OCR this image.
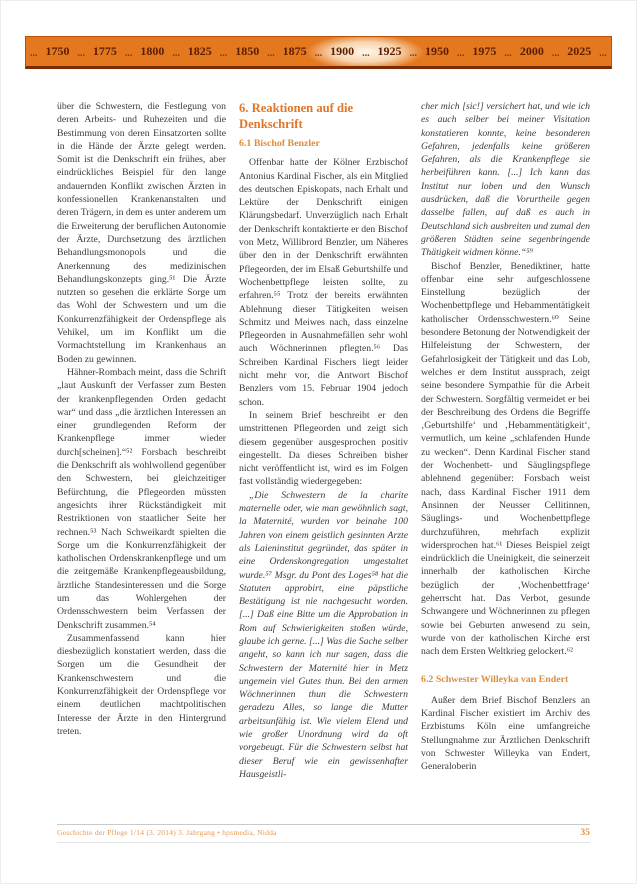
... 1750 ... 1775 ... 1800 ... 1825 ... 1850 ... 1875 ... 1900 ... 1925 ... 1950 ... 1975 ... 2000 ... 2025 ...

über die Schwestern, die Festlegung von deren Arbeits- und Ruhezeiten und die Bestimmung von deren Einsatzorten sollte in die Hände der Ärzte gelegt werden. Somit ist die Denkschrift ein frühes, aber eindrückliches Beispiel für den lange andauernden Konflikt zwischen Ärzten in konfessionellen Krankenanstalten und deren Trägern, in dem es unter anderem um die Erweiterung der beruflichen Autonomie der Ärzte, Durchsetzung des ärztlichen Behandlungsmonopols und die Anerkennung des medizinischen Behandlungskonzepts ging.⁵¹ Die Ärzte nutzten so gesehen die erklärte Sorge um das Wohl der Schwestern und um die Konkurrenzfähigkeit der Ordenspflege als Vehikel, um im Konflikt um die Vormachtstellung im Krankenhaus an Boden zu gewinnen.

Hähner-Rombach meint, dass die Schrift „laut Auskunft der Verfasser zum Besten der krankenpflegenden Orden gedacht war“ und dass „die ärztlichen Interessen an einer grundlegenden Reform der Krankenpflege immer wieder durch[scheinen].“⁵² Forsbach beschreibt die Denkschrift als wohlwollend gegenüber den Schwestern, bei gleichzeitiger Befürchtung, die Pflegeorden müssten angesichts ihrer Rückständigkeit mit Restriktionen von staatlicher Seite her rechnen.⁵³ Nach Schweikardt spielten die Sorge um die Konkurrenzfähigkeit der katholischen Ordenskrankenpflege und um die zeitgemäße Krankenpflegeausbildung, ärztliche Standesinteressen und die Sorge um das Wohlergehen der Ordensschwestern beim Verfassen der Denkschrift zusammen.⁵⁴

Zusammenfassend kann hier diesbezüglich konstatiert werden, dass die Sorgen um die Gesundheit der Krankenschwestern und die Konkurrenzfähigkeit der Ordenspflege vor einem deutlichen machtpolitischen Interesse der Ärzte in den Hintergrund treten.

6. Reaktionen auf die Denkschrift
6.1 Bischof Benzler

Offenbar hatte der Kölner Erzbischof Antonius Kardinal Fischer, als ein Mitglied des deutschen Episkopats, nach Erhalt und Lektüre der Denkschrift einigen Klärungsbedarf. Unverzüglich nach Erhalt der Denkschrift kontaktierte er den Bischof von Metz, Willibrord Benzler, um Näheres über den in der Denkschrift erwähnten Pflegeorden, der im Elsaß Geburtshilfe und Wochenbettpflege leisten sollte, zu erfahren.⁵⁵ Trotz der bereits erwähnten Ablehnung dieser Tätigkeiten weisen Schmitz und Meiwes nach, dass einzelne Pflegeorden in Ausnahmefällen sehr wohl auch Wöchnerinnen pflegten.⁵⁶ Das Schreiben Kardinal Fischers liegt leider nicht mehr vor, die Antwort Bischof Benzlers vom 15. Februar 1904 jedoch schon.

In seinem Brief beschreibt er den umstrittenen Pflegeorden und zeigt sich diesem gegenüber ausgesprochen positiv eingestellt. Da dieses Schreiben bisher nicht veröffentlicht ist, wird es im Folgen fast vollständig wiedergegeben:

„Die Schwestern de la charite maternelle oder, wie man gewöhnlich sagt, la Maternité, wurden vor beinahe 100 Jahren von einem geistlich gesinnten Arzte als Laieninstitut gegründet, das später in eine Ordenskongregation umgestaltet wurde.⁵⁷ Msgr. du Pont des Loges⁵⁸ hat die Statuten approbirt, eine päpstliche Bestätigung ist nie nachgesucht worden. [...] Daß eine Bitte um die Approbation in Rom auf Schwierigkeiten stoßen würde, glaube ich gerne. [...] Was die Sache selber angeht, so kann ich nur sagen, dass die Schwestern der Maternité hier in Metz ungemein viel Gutes thun. Bei den armen Wöchnerinnen thun die Schwestern geradezu Alles, so lange die Mutter arbeitsunfähig ist. Wie vielem Elend und wie großer Unordnung wird da oft vorgebeugt. Für die Schwestern selbst hat dieser Beruf wie ein gewissenhafter Hausgeistli-

cher mich [sic!] versichert hat, und wie ich es auch selber bei meiner Visitation konstatieren konnte, keine besonderen Gefahren, jedenfalls keine größeren Gefahren, als die Krankenpflege sie herbeiführen kann. [...] Ich kann das Institut nur loben und den Wunsch ausdrücken, daß die Vorurtheile gegen dasselbe fallen, auf daß es auch in Deutschland sich ausbreiten und zumal den größeren Städten seine segenbringende Thätigkeit widmen könne.“⁵⁹

Bischof Benzler, Benediktiner, hatte offenbar eine sehr aufgeschlossene Einstellung bezüglich der Wochenbettpflege und Hebammentätigkeit katholischer Ordensschwestern.⁶⁰ Seine besondere Betonung der Notwendigkeit der Hilfeleistung der Schwestern, der Gefahrlosigkeit der Tätigkeit und das Lob, welches er dem Institut aussprach, zeigt seine besondere Sympathie für die Arbeit der Schwestern. Sorgfältig vermeidet er bei der Beschreibung des Ordens die Begriffe ‚Geburtshilfe‘ und ‚Hebammentätigkeit‘, vermutlich, um keine „schlafenden Hunde zu wecken“. Denn Kardinal Fischer stand der Wochenbett- und Säuglingspflege ablehnend gegenüber: Forsbach weist nach, dass Kardinal Fischer 1911 dem Ansinnen der Neusser Cellitinnen, Säuglings- und Wochenbettpflege durchzuführen, mehrfach explizit widersprochen hat.⁶¹ Dieses Beispiel zeigt eindrücklich die Uneinigkeit, die seinerzeit innerhalb der katholischen Kirche bezüglich der ‚Wochenbettfrage‘ geherrscht hat. Das Verbot, gesunde Schwangere und Wöchnerinnen zu pflegen sowie bei Geburten anwesend zu sein, wurde von der katholischen Kirche erst nach dem Ersten Weltkrieg gelockert.⁶²

6.2 Schwester Willeyka van Endert

Außer dem Brief Bischof Benzlers an Kardinal Fischer existiert im Archiv des Erzbistums Köln eine umfangreiche Stellungnahme zur Ärztlichen Denkschrift von Schwester Willeyka van Endert, Generaloberin

Geschichte der Pflege 1/14 (3. 2014) 3. Jahrgang • hpsmedia, Nidda	35
